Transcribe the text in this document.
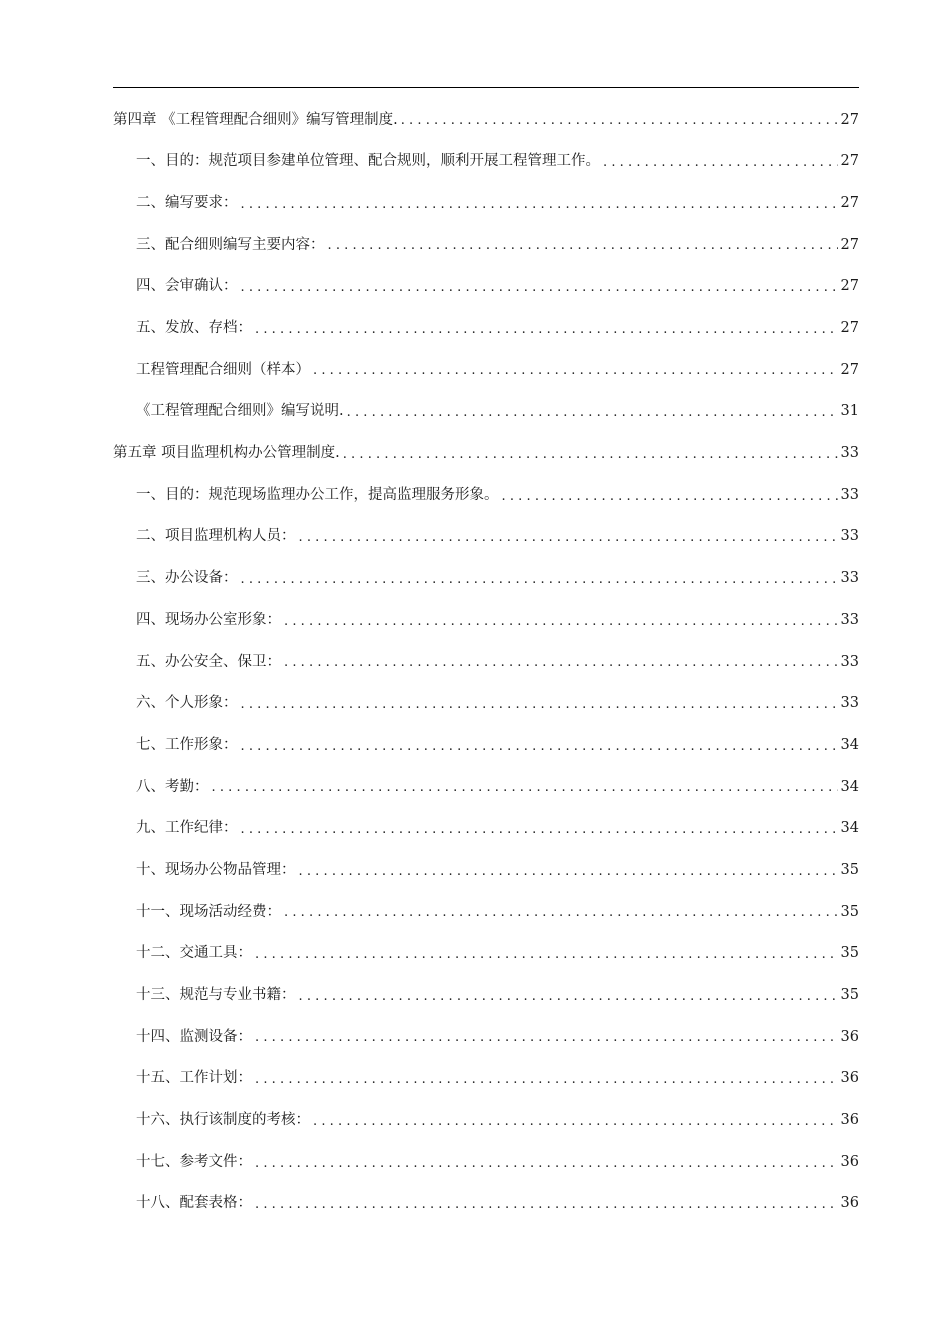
第四章 《工程管理配合细则》编写管理制度. .....	27
一、目的：规范项目参建单位管理、配合规则，顺利开展工程管理工作。 .....	27
二、编写要求： .....	27
三、配合细则编写主要内容： .....	27
四、会审确认： .....	27
五、发放、存档： .....	27
工程管理配合细则（样本） .....	27
《工程管理配合细则》编写说明. .....	31
第五章 项目监理机构办公管理制度. .....	33
一、目的：规范现场监理办公工作，提高监理服务形象。 .....	33
二、项目监理机构人员： .....	33
三、办公设备： .....	33
四、现场办公室形象： .....	33
五、办公安全、保卫： .....	33
六、个人形象： .....	33
七、工作形象： .....	34
八、考勤： .....	34
九、工作纪律： .....	34
十、现场办公物品管理： .....	35
十一、现场活动经费： .....	35
十二、交通工具： .....	35
十三、规范与专业书籍： .....	35
十四、监测设备： .....	36
十五、工作计划： .....	36
十六、执行该制度的考核： .....	36
十七、参考文件： .....	36
十八、配套表格： .....	36
